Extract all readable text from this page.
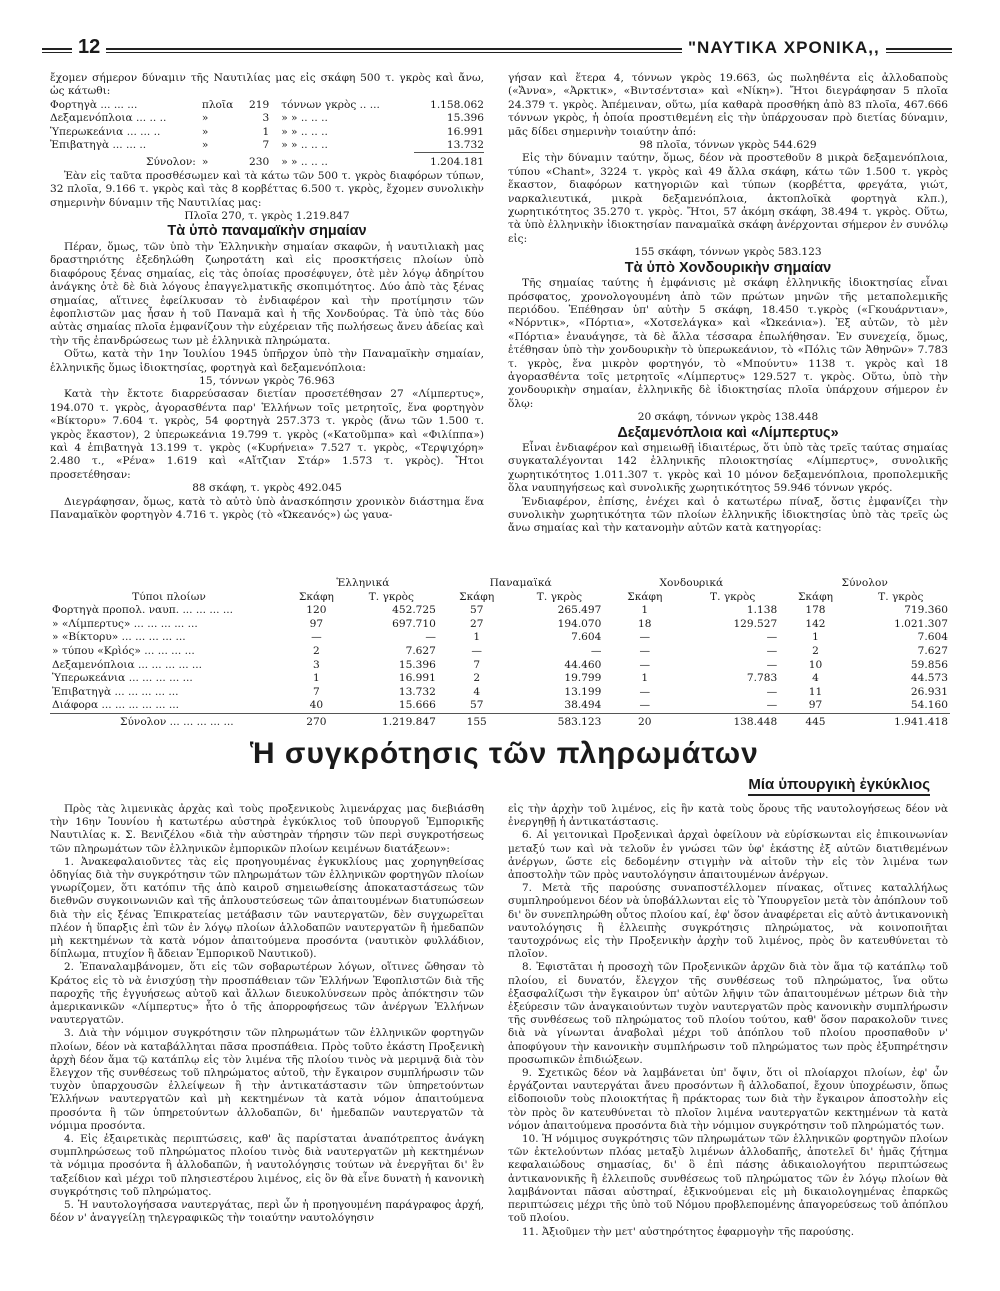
12	"ΝΑΥΤΙΚΑ ΧΡΟΝΙΚΑ,,

ἔχομεν σήμερον δύναμιν τῆς Ναυτιλίας μας εἰς σκάφη 500 τ. γκρὸς καὶ ἄνω, ὡς κάτωθι:

Φορτηγὰ ... ... ...	πλοῖα	219	τόννων γκρὸς .. ...	1.158.062
Δεξαμενόπλοια ... .. ..	»	3	» » .. .. ..	15.396
Ὑπερωκεάνια ... ... ..	»	1	» » .. .. ..	16.991
Ἐπιβατηγὰ ... ... ..	»	7	» » .. .. ..	13.732
Σύνολον:	»	230	» » .. .. ..	1.204.181

Ἐὰν εἰς ταῦτα προσθέσωμεν καὶ τὰ κάτω τῶν 500 τ. γκρὸς διαφόρων τύπων, 32 πλοῖα, 9.166 τ. γκρὸς καὶ τὰς 8 κορβέττας 6.500 τ. γκρὸς, ἔχομεν συνολικὴν σημερινὴν δύναμιν τῆς Ναυτιλίας μας:

Πλοῖα 270, τ. γκρὸς 1.219.847

Τὰ ὑπὸ παναμαϊκὴν σημαίαν

Πέραν, ὅμως, τῶν ὑπὸ τὴν Ἑλληνικὴν σημαίαν σκαφῶν, ἡ ναυτιλιακὴ μας δραστηριότης ἐξεδηλώθη ζωηροτάτη καὶ εἰς προσκτήσεις πλοίων ὑπὸ διαφόρους ξένας σημαίας, εἰς τὰς ὁποίας προσέφυγεν, ὁτὲ μὲν λόγῳ ἀδηρίτου ἀνάγκης ὁτὲ δὲ διὰ λόγους ἐπαγγελματικῆς σκοπιμότητος. Δύο ἀπὸ τὰς ξένας σημαίας, αἵτινες ἐφείλκυσαν τὸ ἐνδιαφέρον καὶ τὴν προτίμησιν τῶν ἐφοπλιστῶν μας ἦσαν ἡ τοῦ Παναμᾶ καὶ ἡ τῆς Χονδούρας. Τὰ ὑπὸ τὰς δύο αὐτὰς σημαίας πλοῖα ἐμφανίζουν τὴν εὐχέρειαν τῆς πωλήσεως ἄνευ ἀδείας καὶ τὴν τῆς ἐπανδρώσεως των μὲ ἑλληνικὰ πληρώματα.

Οὕτω, κατὰ τὴν 1ην Ἰουλίου 1945 ὑπῆρχον ὑπὸ τὴν Παναμαϊκὴν σημαίαν, ἑλληνικῆς ὅμως ἰδιοκτησίας, φορτηγὰ καὶ δεξαμενόπλοια:

15, τόννων γκρὸς 76.963

Κατὰ τὴν ἔκτοτε διαρρεύσασαν διετίαν προσετέθησαν 27 «Λίμπερτυς», 194.070 τ. γκρὸς, ἀγορασθέντα παρ' Ἑλλήνων τοῖς μετρητοῖς, ἕνα φορτηγὸν «Βίκτορυ» 7.604 τ. γκρὸς, 54 φορτηγὰ 257.373 τ. γκρὸς (ἄνω τῶν 1.500 τ. γκρὸς ἕκαστον), 2 ὑπερωκεάνια 19.799 τ. γκρὸς («Κατοῦμπα» καὶ «Φιλίππα») καὶ 4 ἐπιβατηγὰ 13.199 τ. γκρὸς («Κυρήνεια» 7.527 τ. γκρὸς, «Τερψιχόρη» 2.480 τ., «Ρένα» 1.619 καὶ «Αἴτζιαν Στάρ» 1.573 τ. γκρὸς). Ἤτοι προσετέθησαν:

88 σκάφη, τ. γκρὸς 492.045

Διεγράφησαν, ὅμως, κατὰ τὸ αὐτὸ ὑπὸ ἀνασκόπησιν χρονικὸν διάστημα ἕνα Παναμαϊκὸν φορτηγὸν 4.716 τ. γκρὸς (τὸ «Ὠκεανός») ὡς γαυα-

γήσαν καὶ ἕτερα 4, τόννων γκρὸς 19.663, ὡς πωληθέντα εἰς ἀλλοδαποὺς («Ἄννα», «Ἀρκτικ», «Βιντσέντσια» καὶ «Νίκη»). Ἤτοι διεγράφησαν 5 πλοῖα 24.379 τ. γκρὸς. Ἀπέμειναν, οὕτω, μία καθαρὰ προσθήκη ἀπὸ 83 πλοῖα, 467.666 τόννων γκρὸς, ἡ ὁποία προστιθεμένη εἰς τὴν ὑπάρχουσαν πρὸ διετίας δύναμιν, μᾶς δίδει σημερινὴν τοιαύτην ἀπό:

98 πλοῖα, τόννων γκρὸς 544.629

Εἰς τὴν δύναμιν ταύτην, ὅμως, δέον νὰ προστεθοῦν 8 μικρὰ δεξαμενόπλοια, τύπου «Chant», 3224 τ. γκρὸς καὶ 49 ἄλλα σκάφη, κάτω τῶν 1.500 τ. γκρὸς ἕκαστον, διαφόρων κατηγοριῶν καὶ τύπων (κορβέττα, φρεγάτα, γιώτ, ναρκαλιευτικά, μικρὰ δεξαμενόπλοια, ἀκτοπλοϊκὰ φορτηγὰ κλπ.), χωρητικότητος 35.270 τ. γκρὸς. Ἤτοι, 57 ἀκόμη σκάφη, 38.494 τ. γκρὸς. Οὕτω, τὰ ὑπὸ ἑλληνικὴν ἰδιοκτησίαν παναμαϊκὰ σκάφη ἀνέρχονται σήμερον ἐν συνόλῳ εἰς:

155 σκάφη, τόννων γκρὸς 583.123

Τὰ ὑπὸ Χονδουρικὴν σημαίαν

Τῆς σημαίας ταύτης ἡ ἐμφάνισις μὲ σκάφη ἑλληνικῆς ἰδιοκτησίας εἶναι πρόσφατος, χρονολογουμένη ἀπὸ τῶν πρώτων μηνῶν τῆς μεταπολεμικῆς περιόδου. Ἐπέθησαν ὑπ' αὐτὴν 5 σκάφη, 18.450 τ.γκρὸς («Γκουάρντιαν», «Νόρντικ», «Πόρτια», «Χοτσελάγκα» καὶ «Ὠκεάνια»). Ἐξ αὐτῶν, τὸ μὲν «Πόρτια» ἐναυάγησε, τὰ δὲ ἄλλα τέσσαρα ἐπωλήθησαν. Ἐν συνεχείᾳ, ὅμως, ἐτέθησαν ὑπὸ τὴν χονδουρικὴν τὸ ὑπερωκεάνιον, τὸ «Πόλις τῶν Ἀθηνῶν» 7.783 τ. γκρὸς, ἕνα μικρὸν φορτηγόν, τὸ «Μπούντυ» 1138 τ. γκρὸς καὶ 18 ἀγορασθέντα τοῖς μετρητοῖς «Λίμπερτυς» 129.527 τ. γκρὸς. Οὕτω, ὑπὸ τὴν χονδουρικὴν σημαίαν, ἑλληνικῆς δὲ ἰδιοκτησίας πλοῖα ὑπάρχουν σήμερον ἐν ὅλῳ:

20 σκάφη, τόννων γκρὸς 138.448

Δεξαμενόπλοια καὶ «Λίμπερτυς»

Εἶναι ἐνδιαφέρον καὶ σημειωθῇ ἰδιαιτέρως, ὅτι ὑπὸ τὰς τρεῖς ταύτας σημαίας συγκαταλέγονται 142 ἑλληνικῆς πλοιοκτησίας «Λίμπερτυς», συνολικῆς χωρητικότητος 1.011.307 τ. γκρὸς καὶ 10 μόνον δεξαμενόπλοια, προπολεμικῆς ὅλα ναυπηγήσεως καὶ συνολικῆς χωρητικότητος 59.946 τόννων γκρός.

Ἐνδιαφέρον, ἐπίσης, ἐνέχει καὶ ὁ κατωτέρω πίναξ, ὅστις ἐμφανίζει τὴν συνολικὴν χωρητικότητα τῶν πλοίων ἑλληνικῆς ἰδιοκτησίας ὑπὸ τὰς τρεῖς ὡς ἄνω σημαίας καὶ τὴν κατανομὴν αὐτῶν κατὰ κατηγορίας:

	Ἑλληνικά		Παναμαϊκά		Χονδουρικά		Σύνολον	
Τύποι πλοίων	Σκάφη	Τ. γκρὸς	Σκάφη	Τ. γκρὸς	Σκάφη	Τ. γκρὸς	Σκάφη	Τ. γκρὸς
Φορτηγὰ προπολ. ναυπ. ... ... ... ...	120	452.725	57	265.497	1	1.138	178	719.360
» «Λίμπερτυς» ... ... ... ... ...	97	697.710	27	194.070	18	129.527	142	1.021.307
» «Βίκτορυ» ... ... ... ... ...	—	—	1	7.604	—	—	1	7.604
» τύπου «Κρὶός» ... ... ... ...	2	7.627	—	—	—	—	2	7.627
Δεξαμενόπλοια ... ... ... ... ...	3	15.396	7	44.460	—	—	10	59.856
Ὑπερωκεάνια ... ... ... ... ...	1	16.991	2	19.799	1	7.783	4	44.573
Ἐπιβατηγὰ ... ... ... ... ...	7	13.732	4	13.199	—	—	11	26.931
Διάφορα ... ... ... ... ... ...	40	15.666	57	38.494	—	—	97	54.160
Σύνολον ... ... ... ... ...	270	1.219.847	155	583.123	20	138.448	445	1.941.418
Ἡ συγκρότησις τῶν πληρωμάτων
Μία ὑπουργικὴ ἐγκύκλιος

Πρὸς τὰς λιμενικὰς ἀρχὰς καὶ τοὺς προξενικοὺς λιμενάρχας μας διεβιάσθη τὴν 16ην Ἰουνίου ἡ κατωτέρω αὐστηρὰ ἐγκύκλιος τοῦ ὑπουργοῦ Ἐμπορικῆς Ναυτιλίας κ. Σ. Βενιζέλου «διὰ τὴν αὐστηρὰν τήρησιν τῶν περὶ συγκροτήσεως τῶν πληρωμάτων τῶν ἑλληνικῶν ἐμπορικῶν πλοίων κειμένων διατάξεων»:

1. Ἀνακεφαλαιοῦντες τὰς εἰς προηγουμένας ἐγκυκλίους μας χορηγηθείσας ὁδηγίας διὰ τὴν συγκρότησιν τῶν πληρωμάτων τῶν ἑλληνικῶν φορτηγῶν πλοίων γνωρίζομεν, ὅτι κατόπιν τῆς ἀπὸ καιροῦ σημειωθείσης ἀποκαταστάσεως τῶν διεθνῶν συγκοινωνιῶν καὶ τῆς ἀπλουστεύσεως τῶν ἀπαιτουμένων διατυπώσεων διὰ τὴν εἰς ξένας Ἐπικρατείας μετάβασιν τῶν ναυτεργατῶν, δὲν συγχωρεῖται πλέον ἡ ὕπαρξις ἐπὶ τῶν ἐν λόγῳ πλοίων ἀλλοδαπῶν ναυτεργατῶν ἢ ἡμεδαπῶν μὴ κεκτημένων τὰ κατὰ νόμον ἀπαιτούμενα προσόντα (ναυτικὸν φυλλάδιον, δίπλωμα, πτυχίον ἢ ἄδειαν Ἐμπορικοῦ Ναυτικοῦ).

2. Ἐπαναλαμβάνομεν, ὅτι εἰς τῶν σοβαρωτέρων λόγων, οἵτινες ὤθησαν τὸ Κράτος εἰς τὸ νὰ ἐνισχύσῃ τὴν προσπάθειαν τῶν Ἑλλήνων Ἐφοπλιστῶν διὰ τῆς παροχῆς τῆς ἐγγυήσεως αὐτοῦ καὶ ἄλλων διευκολύνσεων πρὸς ἀπόκτησιν τῶν ἀμερικανικῶν «Λίμπερτυς» ἦτο ὁ τῆς ἀπορροφήσεως τῶν ἀνέργων Ἑλλήνων ναυτεργατῶν.

3. Διὰ τὴν νόμιμον συγκρότησιν τῶν πληρωμάτων τῶν ἑλληνικῶν φορτηγῶν πλοίων, δέον νὰ καταβάλληται πᾶσα προσπάθεια. Πρὸς τοῦτο ἑκάστη Προξενικὴ ἀρχὴ δέον ἅμα τῷ κατάπλῳ εἰς τὸν λιμένα τῆς πλοίου τινὸς νὰ μεριμνᾷ διὰ τὸν ἔλεγχον τῆς συνθέσεως τοῦ πληρώματος αὐτοῦ, τὴν ἔγκαιρον συμπλήρωσιν τῶν τυχὸν ὑπαρχουσῶν ἐλλείψεων ἢ τὴν ἀντικατάστασιν τῶν ὑπηρετούντων Ἑλλήνων ναυτεργατῶν καὶ μὴ κεκτημένων τὰ κατὰ νόμον ἀπαιτούμενα προσόντα ἢ τῶν ὑπηρετούντων ἀλλοδαπῶν, δι' ἡμεδαπῶν ναυτεργατῶν τὰ νόμιμα προσόντα.

4. Εἰς ἐξαιρετικὰς περιπτώσεις, καθ' ἃς παρίσταται ἀναπότρεπτος ἀνάγκη συμπληρώσεως τοῦ πληρώματος πλοίου τινὸς διὰ ναυτεργατῶν μὴ κεκτημένων τὰ νόμιμα προσόντα ἢ ἀλλοδαπῶν, ἡ ναυτολόγησις τούτων νὰ ἐνεργῆται δι' ἓν ταξείδιον καὶ μέχρι τοῦ πλησιεστέρου λιμένος, εἰς ὃν θὰ εἶνε δυνατὴ ἡ κανονικὴ συγκρότησις τοῦ πληρώματος.

5. Ἡ ναυτολογήσασα ναυτεργάτας, περὶ ὧν ἡ προηγουμένη παράγραφος ἀρχή, δέον ν' ἀναγγείλῃ τηλεγραφικῶς τὴν τοιαύτην ναυτολόγησιν

εἰς τὴν ἀρχὴν τοῦ λιμένος, εἰς ἣν κατὰ τοὺς ὅρους τῆς ναυτολογήσεως δέον νὰ ἐνεργηθῇ ἡ ἀντικατάστασις.

6. Αἱ γειτονικαὶ Προξενικαὶ ἀρχαὶ ὀφείλουν νὰ εὑρίσκωνται εἰς ἐπικοινωνίαν μεταξύ των καὶ νὰ τελοῦν ἐν γνώσει τῶν ὑφ' ἑκάστης ἐξ αὐτῶν διατιθεμένων ἀνέργων, ὥστε εἰς δεδομένην στιγμὴν νὰ αἰτοῦν τὴν εἰς τὸν λιμένα των ἀποστολὴν τῶν πρὸς ναυτολόγησιν ἀπαιτουμένων ἀνέργων.

7. Μετὰ τῆς παρούσης συναποστέλλομεν πίνακας, οἵτινες καταλλήλως συμπληρούμενοι δέον νὰ ὑποβάλλωνται εἰς τὸ Ὑπουργεῖον μετὰ τὸν ἀπόπλουν τοῦ δι' ὃν συνεπληρώθη οὗτος πλοίου καί, ἐφ' ὅσον ἀναφέρεται εἰς αὐτὸ ἀντικανονικὴ ναυτολόγησις ἢ ἐλλειπὴς συγκρότησις πληρώματος, νὰ κοινοποιῆται ταυτοχρόνως εἰς τὴν Προξενικὴν ἀρχὴν τοῦ λιμένος, πρὸς ὃν κατευθύνεται τὸ πλοῖον.

8. Ἐφιστᾶται ἡ προσοχὴ τῶν Προξενικῶν ἀρχῶν διὰ τὸν ἅμα τῷ κατάπλῳ τοῦ πλοίου, εἰ δυνατόν, ἔλεγχον τῆς συνθέσεως τοῦ πληρώματος, ἵνα οὕτω ἐξασφαλίζωσι τὴν ἔγκαιρον ὑπ' αὐτῶν λῆψιν τῶν ἀπαιτουμένων μέτρων διὰ τὴν ἐξεύρεσιν τῶν ἀναγκαιούντων τυχὸν ναυτεργατῶν πρὸς κανονικὴν συμπλήρωσιν τῆς συνθέσεως τοῦ πληρώματος τοῦ πλοίου τούτου, καθ' ὅσον παρακολοῦν τινες διὰ νὰ γίνωνται ἀναβολαὶ μέχρι τοῦ ἀπόπλου τοῦ πλοίου προσπαθοῦν ν' ἀποφύγουν τὴν κανονικὴν συμπλήρωσιν τοῦ πληρώματος των πρὸς ἐξυπηρέτησιν προσωπικῶν ἐπιδιώξεων.

9. Σχετικῶς δέον νὰ λαμβάνεται ὑπ' ὄψιν, ὅτι οἱ πλοίαρχοι πλοίων, ἐφ' ὧν ἐργάζονται ναυτεργάται ἄνευ προσόντων ἢ ἀλλοδαποί, ἔχουν ὑποχρέωσιν, ὅπως εἰδοποιοῦν τοὺς πλοιοκτήτας ἢ πράκτορας των διὰ τὴν ἔγκαιρον ἀποστολὴν εἰς τὸν πρὸς ὃν κατευθύνεται τὸ πλοῖον λιμένα ναυτεργατῶν κεκτημένων τὰ κατὰ νόμον ἀπαιτούμενα προσόντα διὰ τὴν νόμιμον συγκρότησιν τοῦ πληρώματός των.

10. Ἡ νόμιμος συγκρότησις τῶν πληρωμάτων τῶν ἑλληνικῶν φορτηγῶν πλοίων τῶν ἐκτελούντων πλόας μεταξὺ λιμένων ἀλλοδαπῆς, ἀποτελεῖ δι' ἡμᾶς ζήτημα κεφαλαιώδους σημασίας, δι' ὃ ἐπὶ πάσης ἀδικαιολογήτου περιπτώσεως ἀντικανονικῆς ἢ ἐλλειποῦς συνθέσεως τοῦ πληρώματος τῶν ἐν λόγῳ πλοίων θὰ λαμβάνονται πᾶσαι αὐστηραί, ἐξικνούμεναι εἰς μὴ δικαιολογημένας ἐπαρκῶς περιπτώσεις μέχρι τῆς ὑπὸ τοῦ Νόμου προβλεπομένης ἀπαγορεύσεως τοῦ ἀπόπλου τοῦ πλοίου.

11. Ἀξιοῦμεν τὴν μετ' αὐστηρότητος ἐφαρμογὴν τῆς παρούσης.
